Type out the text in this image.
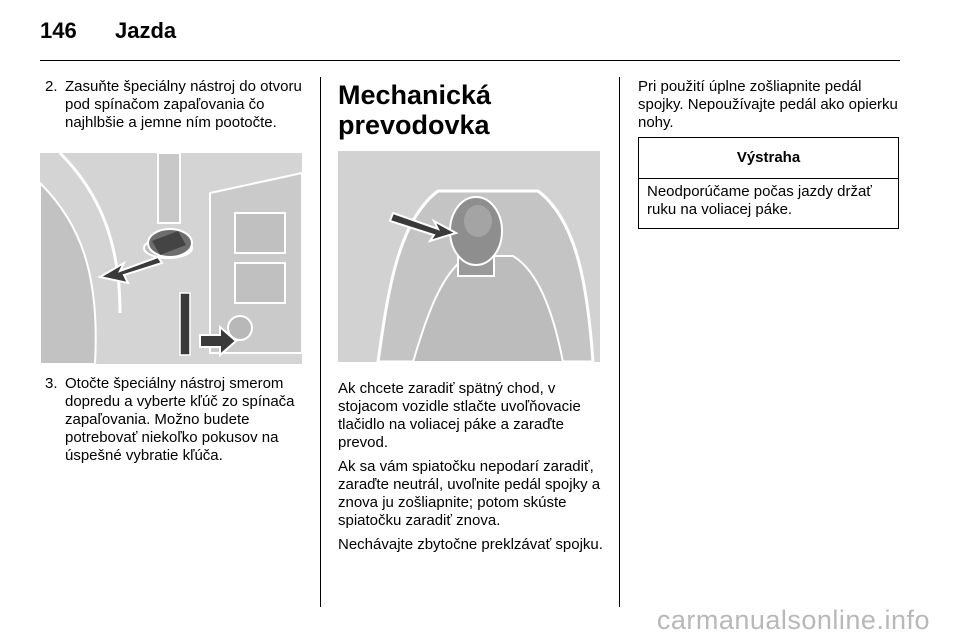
146 Jazda
2. Zasuňte špeciálny nástroj do otvoru pod spínačom zapaľovania čo najhlbšie a jemne ním pootočte.
3. Otočte špeciálny nástroj smerom dopredu a vyberte kľúč zo spínača zapaľovania. Možno budete potrebovať niekoľko pokusov na úspešné vybratie kľúča.
Mechanická
prevodovka

Ak chcete zaradiť spätný chod, v stojacom vozidle stlačte uvoľňovacie tlačidlo na voliacej páke a zaraďte prevod.

Ak sa vám spiatočku nepodarí zaradiť, zaraďte neutrál, uvoľnite pedál spojky a znova ju zošliapnite; potom skúste spiatočku zaradiť znova.

Nechávajte zbytočne preklzávať spojku.

Pri použití úplne zošliapnite pedál spojky. Nepoužívajte pedál ako opierku nohy.

Výstraha
Neodporúčame počas jazdy držať ruku na voliacej páke.
carmanualsonline.info
